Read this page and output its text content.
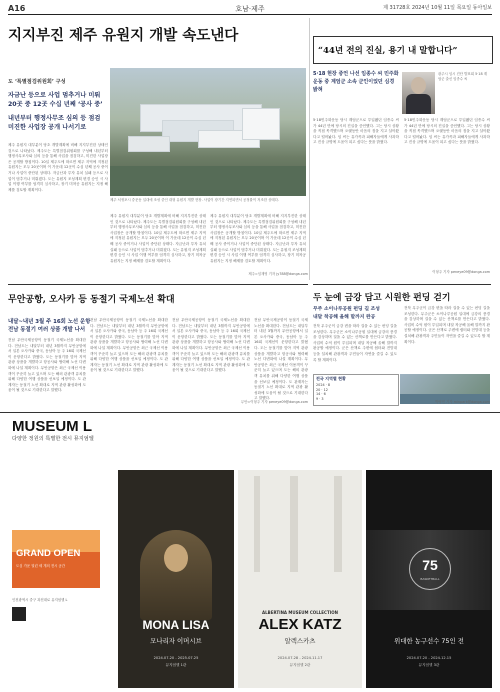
A16	호남·제주	제 31728호 2024년 10월 11일 목요일 동아일보
지지부진 제주 유원지 개발 속도낸다
도 ‘특별점검위원회’ 구성
자금난 등으로 사업 멈추거나 미뤄
20곳 중 12곳 수십 년째 ‘공사 중’
내년부터 행정사무조 심의 등 점검
미진한 사업장 공개 나서기로
제주 유원지 대부분이 당초 개발계획에 비해 지지부진한 상태인 것으로 나타났다. 제주도는 특별점검위원회를 구성해 내년부터 행정사무조사와 심의 등을 통해 사업을 점검하고, 미진한 사업장은 공개할 방침이다. 10일 제주도에 따르면 제주 지역에 지정된 유원지는 모두 20곳이며 이 가운데 12곳이 수십 년째 공사 중이거나 사업이 중단된 상태다. 자금난과 투자 유치 실패 등으로 사업이 멈추거나 미뤄졌다. 도는 유원지 조성계획 변경 승인 시 사업 이행 여부를 엄격히 심사하고, 장기 미착공 유원지는 지정 해제를 검토할 계획이다.
제주 서귀포시 중문동 일대에 조성 중인 대형 유원지 개발 현장. 사업이 장기간 지연되면서 공정률이 저조한 상태다.
제주 유원지 대부분이 당초 개발계획에 비해 지지부진한 상태인 것으로 나타났다. 제주도는 특별점검위원회를 구성해 내년부터 행정사무조사와 심의 등을 통해 사업을 점검하고, 미진한 사업장은 공개할 방침이다. 10일 제주도에 따르면 제주 지역에 지정된 유원지는 모두 20곳이며 이 가운데 12곳이 수십 년째 공사 중이거나 사업이 중단된 상태다. 자금난과 투자 유치 실패 등으로 사업이 멈추거나 미뤄졌다. 도는 유원지 조성계획 변경 승인 시 사업 이행 여부를 엄격히 심사하고, 장기 미착공 유원지는 지정 해제를 검토할 계획이다.
제주 유원지 대부분이 당초 개발계획에 비해 지지부진한 상태인 것으로 나타났다. 제주도는 특별점검위원회를 구성해 내년부터 행정사무조사와 심의 등을 통해 사업을 점검하고, 미진한 사업장은 공개할 방침이다. 10일 제주도에 따르면 제주 지역에 지정된 유원지는 모두 20곳이며 이 가운데 12곳이 수십 년째 공사 중이거나 사업이 중단된 상태다. 자금난과 투자 유치 실패 등으로 사업이 멈추거나 미뤄졌다. 도는 유원지 조성계획 변경 승인 시 사업 이행 여부를 엄격히 심사하고, 장기 미착공 유원지는 지정 해제를 검토할 계획이다.
제주=임재영 기자 jy788@donga.com
“44년 전의 진실, 용기 내 말합니다”
5·18 현장 증언 나선 임종수 씨 민주화운동 중 계엄군 소속 군인이었던 심경 밝혀
광주시 임시 진단 발표회 5·18 계엄군 출신 임종수 씨
5·18민주화운동 당시 계엄군으로 투입됐던 임종수 씨가 44년 만에 당시의 진실을 증언했다. 그는 당시 상황을 직접 목격했으며 오랫동안 마음의 짐을 지고 살아왔다고 털어놨다. 임 씨는 유가족과 피해자들에게 사과하고 진상 규명에 도움이 되고 싶다는 뜻을 밝혔다.
5·18민주화운동 당시 계엄군으로 투입됐던 임종수 씨가 44년 만에 당시의 진실을 증언했다. 그는 당시 상황을 직접 목격했으며 오랫동안 마음의 짐을 지고 살아왔다고 털어놨다. 임 씨는 유가족과 피해자들에게 사과하고 진상 규명에 도움이 되고 싶다는 뜻을 밝혔다.
이형주 기자 peneye09@donga.com
무안공항, 오사카 등 동절기 국제노선 확대
내달~내년 3월 주 16회 노선 운항
전남 동절기 여러 상품 개발 나서
전남 무안국제공항이 동절기 국제노선을 확대한다. 전남도는 내달부터 내년 3월까지 무안공항에서 일본 오사카와 중국, 동남아 등 주 16회 국제선이 운항한다고 밝혔다. 도는 동절기를 맞아 지역 관광 상품을 개발하고 항공사와 협력해 노선 다변화에 나설 계획이다. 무안공항은 최근 국제선 이용객이 꾸준히 늘고 있으며 도는 해외 관광객 유치를 위해 다양한 여행 상품을 선보일 예정이다. 도 관계자는 동절기 노선 확대로 지역 관광 활성화에 도움이 될 것으로 기대한다고 말했다.
전남 무안국제공항이 동절기 국제노선을 확대한다. 전남도는 내달부터 내년 3월까지 무안공항에서 일본 오사카와 중국, 동남아 등 주 16회 국제선이 운항한다고 밝혔다. 도는 동절기를 맞아 지역 관광 상품을 개발하고 항공사와 협력해 노선 다변화에 나설 계획이다. 무안공항은 최근 국제선 이용객이 꾸준히 늘고 있으며 도는 해외 관광객 유치를 위해 다양한 여행 상품을 선보일 예정이다. 도 관계자는 동절기 노선 확대로 지역 관광 활성화에 도움이 될 것으로 기대한다고 말했다.
전남 무안국제공항이 동절기 국제노선을 확대한다. 전남도는 내달부터 내년 3월까지 무안공항에서 일본 오사카와 중국, 동남아 등 주 16회 국제선이 운항한다고 밝혔다. 도는 동절기를 맞아 지역 관광 상품을 개발하고 항공사와 협력해 노선 다변화에 나설 계획이다. 무안공항은 최근 국제선 이용객이 꾸준히 늘고 있으며 도는 해외 관광객 유치를 위해 다양한 여행 상품을 선보일 예정이다. 도 관계자는 동절기 노선 확대로 지역 관광 활성화에 도움이 될 것으로 기대한다고 말했다.
전남 무안국제공항이 동절기 국제노선을 확대한다. 전남도는 내달부터 내년 3월까지 무안공항에서 일본 오사카와 중국, 동남아 등 주 16회 국제선이 운항한다고 밝혔다. 도는 동절기를 맞아 지역 관광 상품을 개발하고 항공사와 협력해 노선 다변화에 나설 계획이다. 무안공항은 최근 국제선 이용객이 꾸준히 늘고 있으며 도는 해외 관광객 유치를 위해 다양한 여행 상품을 선보일 예정이다. 도 관계자는 동절기 노선 확대로 지역 관광 활성화에 도움이 될 것으로 기대한다고 말했다.
무안=이형주 기자 peneye09@donga.com
두 눈에 금강 담고 시원한 펀딩 걷기
무주 소이나루공원 펀딩 길 조성
내달 착공해 올해 말까지 완공
전북 무주군이 금강 변을 따라 걸을 수 있는 펀딩 길을 조성한다. 무주군은 소이나루공원 일대에 금강의 풍경을 감상하며 걸을 수 있는 산책로를 만든다고 밝혔다. 사업비 수억 원이 투입되며 내달 착공해 올해 말까지 완공할 예정이다. 군은 산책로 주변에 쉼터와 전망대 등을 설치해 관광객과 주민들이 자연을 즐길 수 있도록 할 계획이다.
전북 무주군이 금강 변을 따라 걸을 수 있는 펀딩 길을 조성한다. 무주군은 소이나루공원 일대에 금강의 풍경을 감상하며 걸을 수 있는 산책로를 만든다고 밝혔다. 사업비 수억 원이 투입되며 내달 착공해 올해 말까지 완공할 예정이다. 군은 산책로 주변에 쉼터와 전망대 등을 설치해 관광객과 주민들이 자연을 즐길 수 있도록 할 계획이다.
전국 지역별 현황
2024 · 8
20 · 12
14 · 6
9 · 3
박영민 기자 minpark@donga.com
MUSEUM L
다양한 정원의 특별한 전시 뮤지엄엘
GRAND OPEN
도심 가운 열린 세 개의 전시 공간
인천광역시 중구 과천대로 뮤지엄엘 L
MONA LISA
모나리자 이머시브
2024.07.20 - 2025.07.25
뮤지엄엘 1관
ALBERTINA MUSEUM COLLECTION
ALEX KATZ
알렉스카츠
2024.07.28 - 2024.11.17
뮤지엄엘 2관
75
BASKETBALL
위대한 농구선수 75인 전
2024.07.20 - 2024.12.15
뮤지엄엘 3관
